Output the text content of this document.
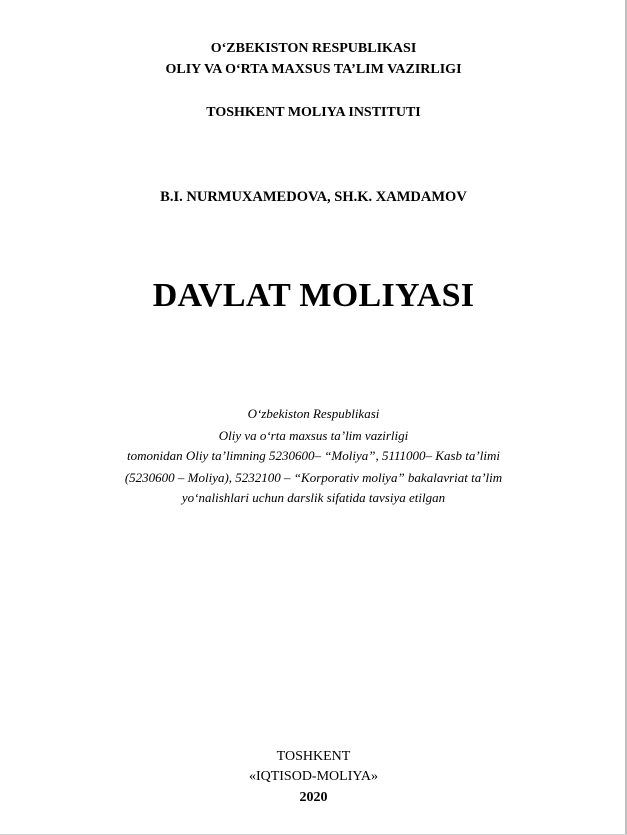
O‘ZBEKISTON RESPUBLIKASI
OLIY VA O‘RTA MAXSUS TA’LIM VAZIRLIGI
TOSHKENT MOLIYA INSTITUTI
B.I. NURMUXAMEDOVA, SH.K. XAMDAMOV
DAVLAT MOLIYASI
O‘zbekiston Respublikasi
Oliy va o‘rta maxsus ta’lim vazirligi
tomonidan Oliy ta’limning 5230600– “Moliya”, 5111000– Kasb ta’limi
(5230600 – Moliya), 5232100 – “Korporativ moliya” bakalavriat ta’lim
yo‘nalishlari uchun darslik sifatida tavsiya etilgan
TOSHKENT
«IQTISOD-MOLIYA»
2020
